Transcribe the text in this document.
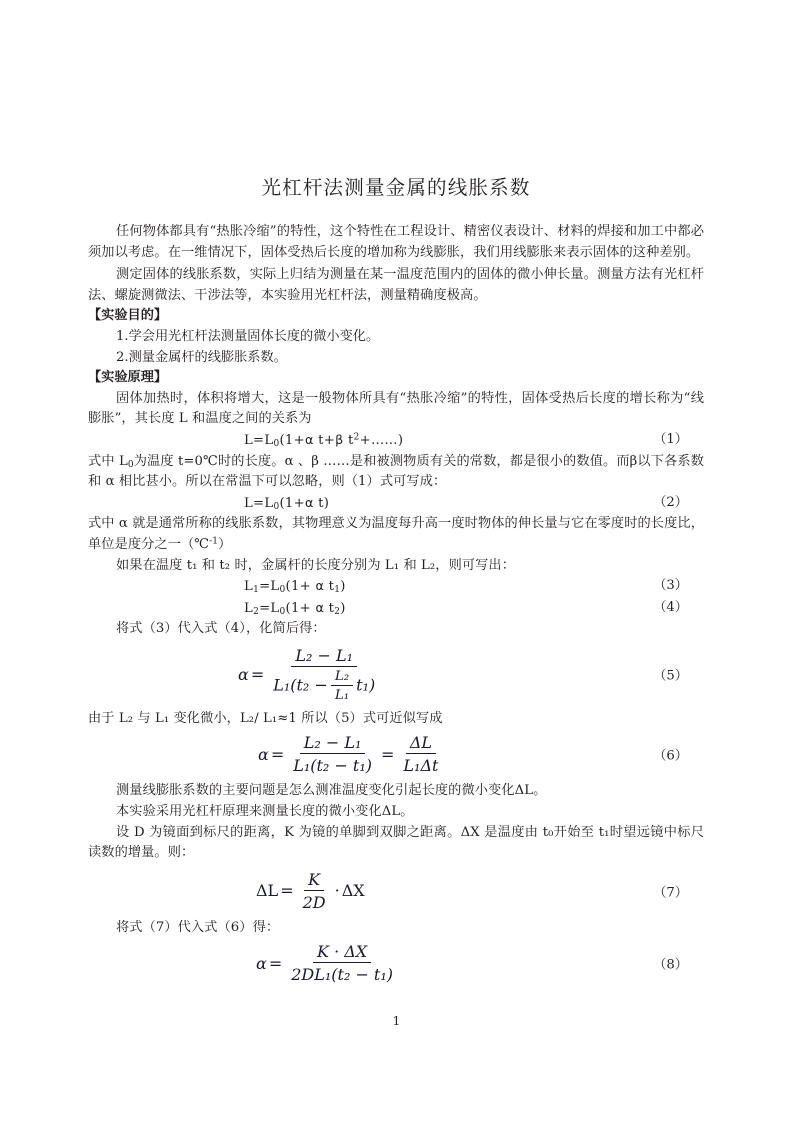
光杠杆法测量金属的线胀系数

任何物体都具有“热胀冷缩”的特性，这个特性在工程设计、精密仪表设计、材料的焊接和加工中都必须加以考虑。在一维情况下，固体受热后长度的增加称为线膨胀，我们用线膨胀来表示固体的这种差别。

测定固体的线胀系数，实际上归结为测量在某一温度范围内的固体的微小伸长量。测量方法有光杠杆法、螺旋测微法、干涉法等，本实验用光杠杆法，测量精确度极高。

【实验目的】

1.学会用光杠杆法测量固体长度的微小变化。

2.测量金属杆的线膨胀系数。

【实验原理】

固体加热时，体积将增大，这是一般物体所具有“热胀冷缩”的特性，固体受热后长度的增长称为“线膨胀”，其长度 L 和温度之间的关系为

$L=L_0(1+\alpha$ t+β $t^2+\dots\dots$)	（1）

式中 $L_0$为温度 t=0℃时的长度。α 、β ……是和被测物质有关的常数，都是很小的数值。而β以下各系数和 α 相比甚小。所以在常温下可以忽略，则（1）式可写成：

$L=L_0(1+\alpha$ t)	（2）

式中 α 就是通常所称的线胀系数，其物理意义为温度每升高一度时物体的伸长量与它在零度时的长度比，单位是度分之一（℃$^{-1}$）

如果在温度 t₁ 和 t₂ 时，金属杆的长度分别为 L₁ 和 L₂，则可写出：

$L_1=L_0(1+ \alpha$ $t_1$)	（3）
$L_2=L_0(1+ \alpha$ $t_2$)	（4）

将式（3）代入式（4），化简后得：

$\alpha = \frac{\text{L₂ − L₁}}{L_1(t_2 - \frac{\text{L₂}}{\text{L₁}} t_1)}$	（5）

由于 L₂ 与 L₁ 变化微小，L₂/ L₁≈1 所以（5）式可近似写成

$\alpha = \frac{\text{L₂ − L₁}}{\text{L₁(t₂ − t₁)}} = \frac{\Delta L}{\text{L₁Δt}}$	（6）

测量线膨胀系数的主要问题是怎么测准温度变化引起长度的微小变化ΔL。

本实验采用光杠杆原理来测量长度的微小变化ΔL。

设 D 为镜面到标尺的距离，K 为镜的单脚到双脚之距离。ΔX 是温度由 t₀开始至 t₁时望远镜中标尺读数的增量。则：

$\Delta L = \frac{K}{2D} \cdot \Delta X$	（7）

将式（7）代入式（6）得：

$\alpha = \frac{K \cdot \Delta X}{\text{2DL₁(t₂ − t₁)}}$	（8）
1
